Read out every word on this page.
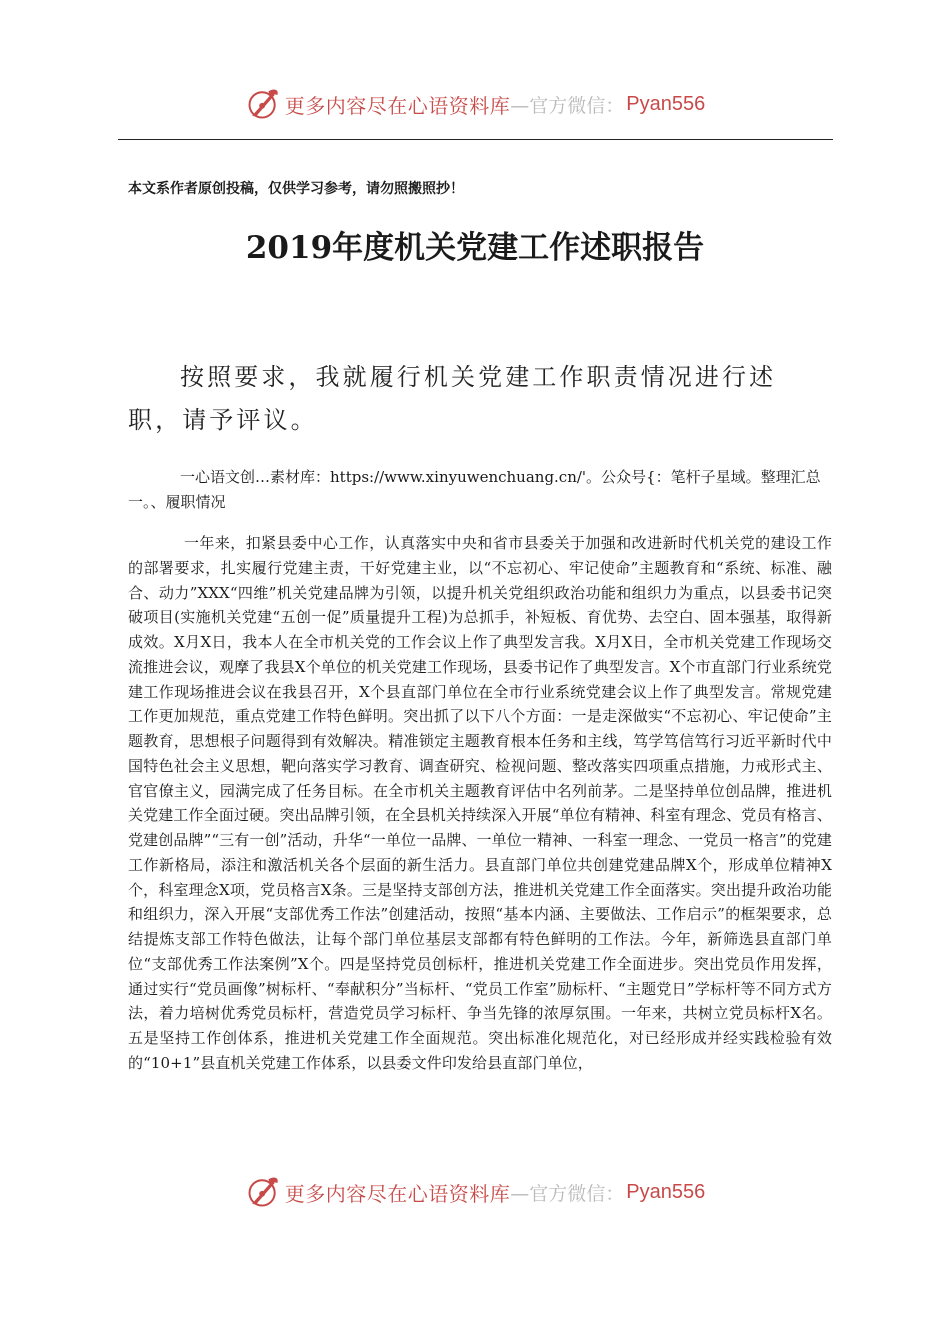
更多内容尽在心语资料库 —官方微信： Pyan556
本文系作者原创投稿，仅供学习参考，请勿照搬照抄！
2019年度机关党建工作述职报告

按照要求，我就履行机关党建工作职责情况进行述职，请予评议。

一心语文创…素材库：https://www.xinyuwenchuang.cn/'。公众号{：笔杆子星域。整理汇总一。、履职情况

一年来，扣紧县委中心工作，认真落实中央和省市县委关于加强和改进新时代机关党的建设工作的部署要求，扎实履行党建主责，干好党建主业，以“不忘初心、牢记使命”主题教育和“系统、标准、融合、动力”XXX“四维”机关党建品牌为引领，以提升机关党组织政治功能和组织力为重点，以县委书记突破项目(实施机关党建“五创一促”质量提升工程)为总抓手，补短板、育优势、去空白、固本强基，取得新成效。X月X日，我本人在全市机关党的工作会议上作了典型发言我。X月X日，全市机关党建工作现场交流推进会议，观摩了我县X个单位的机关党建工作现场，县委书记作了典型发言。X个市直部门行业系统党建工作现场推进会议在我县召开，X个县直部门单位在全市行业系统党建会议上作了典型发言。常规党建工作更加规范，重点党建工作特色鲜明。突出抓了以下八个方面：一是走深做实“不忘初心、牢记使命”主题教育，思想根子问题得到有效解决。精准锁定主题教育根本任务和主线，笃学笃信笃行习近平新时代中国特色社会主义思想，靶向落实学习教育、调查研究、检视问题、整改落实四项重点措施，力戒形式主、官官僚主义，园满完成了任务目标。在全市机关主题教育评估中名列前茅。二是坚持单位创品牌，推进机关党建工作全面过硬。突出品牌引领，在全县机关持续深入开展“单位有精神、科室有理念、党员有格言、党建创品牌”“三有一创”活动，升华“一单位一品牌、一单位一精神、一科室一理念、一党员一格言”的党建工作新格局，添注和激活机关各个层面的新生活力。县直部门单位共创建党建品牌X个，形成单位精神X个，科室理念X项，党员格言X条。三是坚持支部创方法，推进机关党建工作全面落实。突出提升政治功能和组织力，深入开展“支部优秀工作法”创建活动，按照“基本内涵、主要做法、工作启示”的框架要求，总结提炼支部工作特色做法，让每个部门单位基层支部都有特色鲜明的工作法。今年，新筛选县直部门单位“支部优秀工作法案例”X个。四是坚持党员创标杆，推进机关党建工作全面进步。突出党员作用发挥，通过实行“党员画像”树标杆、“奉献积分”当标杆、“党员工作室”励标杆、“主题党日”学标杆等不同方式方法，着力培树优秀党员标杆，营造党员学习标杆、争当先锋的浓厚氛围。一年来，共树立党员标杆X名。五是坚持工作创体系，推进机关党建工作全面规范。突出标准化规范化，对已经形成并经实践检验有效的“10+1”县直机关党建工作体系，以县委文件印发给县直部门单位，

更多内容尽在心语资料库 —官方微信： Pyan556
